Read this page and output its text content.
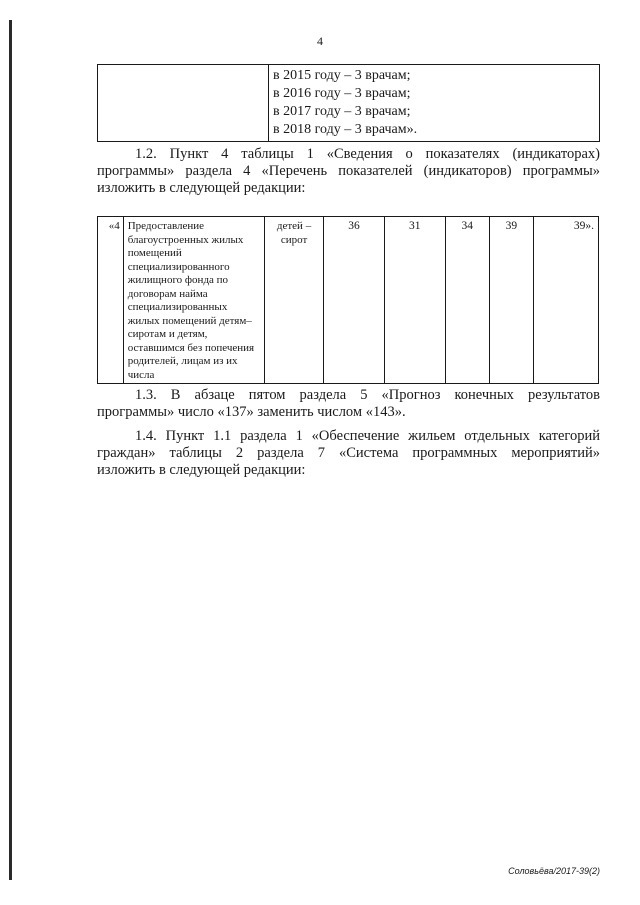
4

в 2015 году – 3 врачам;
в 2016 году – 3 врачам;
в 2017 году – 3 врачам;
в 2018 году – 3 врачам».
1.2. Пункт 4 таблицы 1 «Сведения о показателях (индикаторах)
программы» раздела 4 «Перечень показателей (индикаторов) программы»
изложить в следующей редакции:
«4	Предоставление благоустроенных жилых помещений специализированного жилищного фонда по договорам найма специализированных жилых помещений детям–сиротам и детям, оставшимся без попечения родителей, лицам из их числа	детей – сирот	36	31	34	39	39».
1.3. В абзаце пятом раздела 5 «Прогноз конечных результатов
программы» число «137» заменить числом «143».
1.4. Пункт 1.1 раздела 1 «Обеспечение жильем отдельных категорий
граждан» таблицы 2 раздела 7 «Система программных мероприятий»
изложить в следующей редакции:
Соловьёва/2017-39(2)
